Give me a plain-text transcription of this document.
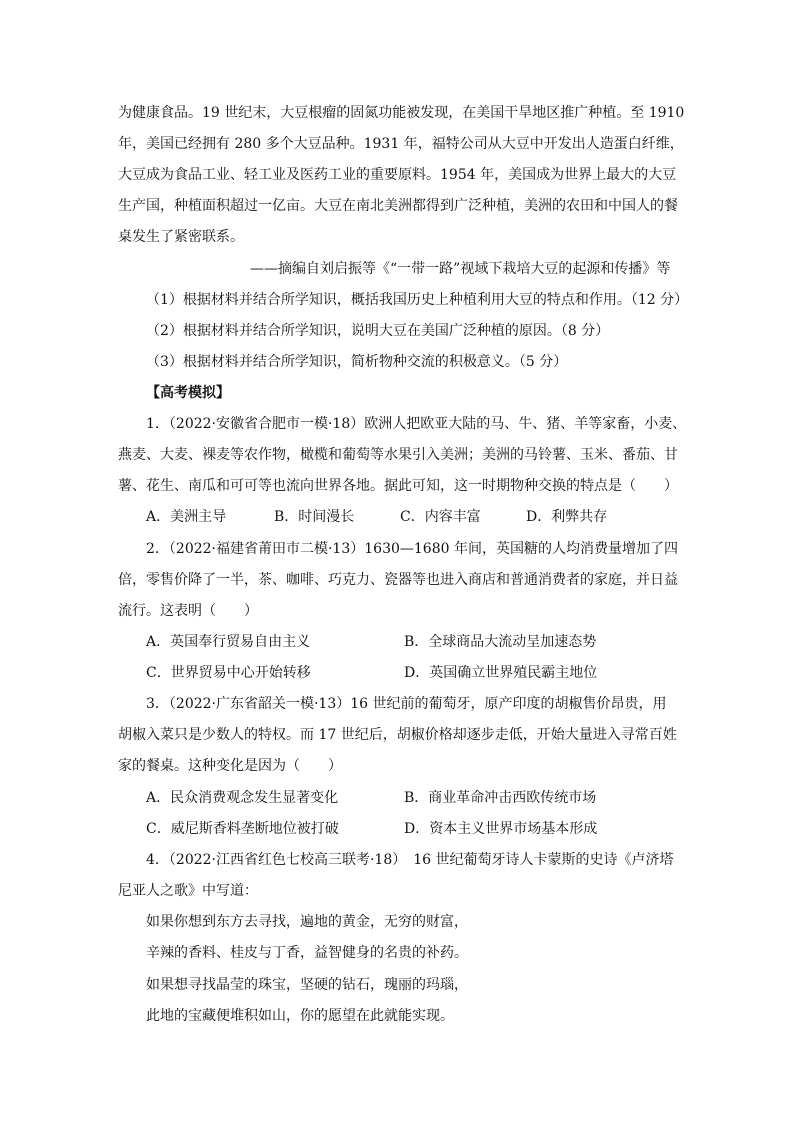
为健康食品。19 世纪末，大豆根瘤的固氮功能被发现，在美国干旱地区推广种植。至 1910
年，美国已经拥有 280 多个大豆品种。1931 年，福特公司从大豆中开发出人造蛋白纤维，
大豆成为食品工业、轻工业及医药工业的重要原料。1954 年，美国成为世界上最大的大豆
生产国，种植面积超过一亿亩。大豆在南北美洲都得到广泛种植，美洲的农田和中国人的餐
桌发生了紧密联系。
——摘编自刘启振等《“一带一路”视域下栽培大豆的起源和传播》等
（1）根据材料并结合所学知识，概括我国历史上种植利用大豆的特点和作用。（12 分）
（2）根据材料并结合所学知识，说明大豆在美国广泛种植的原因。（8 分）
（3）根据材料并结合所学知识，简析物种交流的积极意义。（5 分）
【高考模拟】
1．（2022·安徽省合肥市一模·18）欧洲人把欧亚大陆的马、牛、猪、羊等家畜，小麦、
燕麦、大麦、裸麦等农作物，橄榄和葡萄等水果引入美洲；美洲的马铃薯、玉米、番茄、甘
薯、花生、南瓜和可可等也流向世界各地。据此可知，这一时期物种交换的特点是（　　）
A．美洲主导	B．时间漫长	C．内容丰富	D．利弊共存
2．（2022·福建省莆田市二模·13）1630—1680 年间，英国糖的人均消费量增加了四
倍，零售价降了一半，茶、咖啡、巧克力、瓷器等也进入商店和普通消费者的家庭，并日益
流行。这表明（　　）
A．英国奉行贸易自由主义	B．全球商品大流动呈加速态势
C．世界贸易中心开始转移	D．英国确立世界殖民霸主地位
3．（2022·广东省韶关一模·13）16 世纪前的葡萄牙，原产印度的胡椒售价昂贵，用
胡椒入菜只是少数人的特权。而 17 世纪后，胡椒价格却逐步走低，开始大量进入寻常百姓
家的餐桌。这种变化是因为（　　）
A．民众消费观念发生显著变化	B．商业革命冲击西欧传统市场
C．威尼斯香料垄断地位被打破	D．资本主义世界市场基本形成
4．（2022·江西省红色七校高三联考·18）　16 世纪葡萄牙诗人卡蒙斯的史诗《卢济塔
尼亚人之歌》中写道：
如果你想到东方去寻找，遍地的黄金，无穷的财富，
辛辣的香料、桂皮与丁香，益智健身的名贵的补药。
如果想寻找晶莹的珠宝，坚硬的钻石，瑰丽的玛瑙，
此地的宝藏便堆积如山，你的愿望在此就能实现。
